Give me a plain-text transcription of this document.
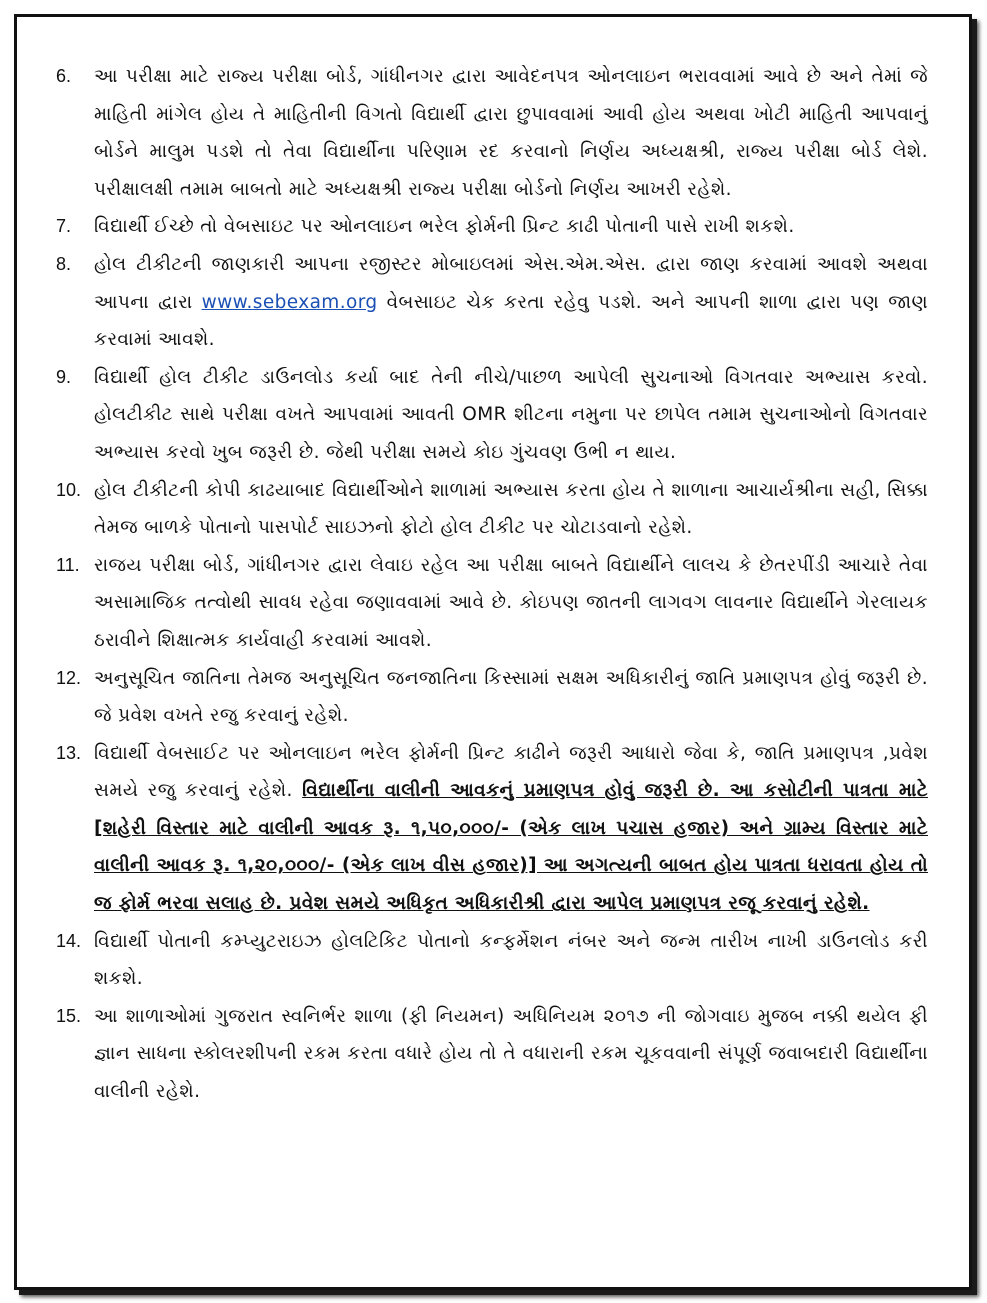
6.	આ પરીક્ષા માટે રાજ્ય પરીક્ષા બોર્ડ, ગાંધીનગર દ્વારા આવેદનપત્ર ઓનલાઇન ભરાવવામાં આવે છે અને તેમાં જે માહિતી માંગેલ હોય તે માહિતીની વિગતો વિદ્યાર્થી દ્વારા છુપાવવામાં આવી હોય અથવા ખોટી માહિતી આપવાનું બોર્ડને માલુમ પડશે તો તેવા વિદ્યાર્થીના પરિણામ રદ કરવાનો નિર્ણય અધ્યક્ષશ્રી, રાજ્ય પરીક્ષા બોર્ડ લેશે. પરીક્ષાલક્ષી તમામ બાબતો માટે અધ્યક્ષશ્રી રાજ્ય પરીક્ષા બોર્ડનો નિર્ણય આખરી રહેશે.
7.	વિદ્યાર્થી ઈચ્છે તો વેબસાઇટ પર ઓનલાઇન ભરેલ ફોર્મની પ્રિન્ટ કાઢી પોતાની પાસે રાખી શકશે.
8.	હોલ ટીકીટની જાણકારી આપના રજીસ્ટર મોબાઇલમાં એસ.એમ.એસ. દ્વારા જાણ કરવામાં આવશે અથવા આપના દ્વારા www.sebexam.org વેબસાઇટ ચેક કરતા રહેવુ પડશે. અને આપની શાળા દ્વારા પણ જાણ કરવામાં આવશે.
9.	વિદ્યાર્થી હોલ ટીકીટ ડાઉનલોડ કર્યા બાદ તેની નીચે/પાછળ આપેલી સુચનાઓ વિગતવાર અભ્યાસ કરવો. હોલટીકીટ સાથે પરીક્ષા વખતે આપવામાં આવતી OMR શીટના નમુના પર છાપેલ તમામ સુચનાઓનો વિગતવાર અભ્યાસ કરવો ખુબ જરૂરી છે. જેથી પરીક્ષા સમયે કોઇ ગુંચવણ ઉભી ન થાય.
10. હોલ ટીકીટની કોપી કાઢયાબાદ વિદ્યાર્થીઓને શાળામાં અભ્યાસ કરતા હોય તે શાળાના આચાર્યશ્રીના સહી, સિક્કા તેમજ બાળકે પોતાનો પાસપોર્ટ સાઇઝનો ફોટો હોલ ટીકીટ પર ચોટાડવાનો રહેશે.
11. રાજય પરીક્ષા બોર્ડ, ગાંધીનગર દ્વારા લેવાઇ રહેલ આ પરીક્ષા બાબતે વિદ્યાર્થીને લાલચ કે છેતરપીંડી આચારે તેવા અસામાજિક તત્વોથી સાવધ રહેવા જણાવવામાં આવે છે. કોઇપણ જાતની લાગવગ લાવનાર વિદ્યાર્થીને ગેરલાયક ઠરાવીને શિક્ષાત્મક કાર્યવાહી કરવામાં આવશે.
12. અનુસૂચિત જાતિના તેમજ અનુસૂચિત જનજાતિના કિસ્સામાં સક્ષમ અધિકારીનું જાતિ પ્રમાણપત્ર હોવું જરૂરી છે. જે પ્રવેશ વખતે રજુ કરવાનું રહેશે.
13. વિદ્યાર્થી વેબસાઈટ પર ઓનલાઇન ભરેલ ફોર્મની પ્રિન્ટ કાઢીને જરૂરી આધારો જેવા કે, જાતિ પ્રમાણપત્ર ,પ્રવેશ સમયે રજુ કરવાનું રહેશે. વિદ્યાર્થીના વાલીની આવકનું પ્રમાણપત્ર હોવું જરૂરી છે. આ કસોટીની પાત્રતા માટે [શહેરી વિસ્તાર માટે વાલીની આવક રૂ. ૧,૫૦,૦૦૦/- (એક લાખ પચાસ હજાર) અને ગ્રામ્ય વિસ્તાર માટે વાલીની આવક રૂ. ૧,૨૦,૦૦૦/- (એક લાખ વીસ હજાર)] આ અગત્યની બાબત હોય પાત્રતા ધરાવતા હોય તો જ ફોર્મ ભરવા સલાહ છે. પ્રવેશ સમયે અધિકૃત અધિકારીશ્રી દ્વારા આપેલ પ્રમાણપત્ર રજૂ કરવાનું રહેશે.
14. વિદ્યાર્થી પોતાની કમ્પ્યુટરાઇઝ હોલટિકિટ પોતાનો કન્ફર્મેશન નંબર અને જન્મ તારીખ નાખી ડાઉનલોડ કરી શકશે.
15. આ શાળાઓમાં ગુજરાત સ્વનિર્ભર શાળા (ફી નિયમન) અધિનિયમ ૨૦૧૭ ની જોગવાઇ મુજબ નક્કી થયેલ ફી જ્ઞાન સાધના સ્કોલરશીપની રકમ કરતા વધારે હોય તો તે વધારાની રકમ ચૂકવવાની સંપૂર્ણ જવાબદારી વિદ્યાર્થીના વાલીની રહેશે.
